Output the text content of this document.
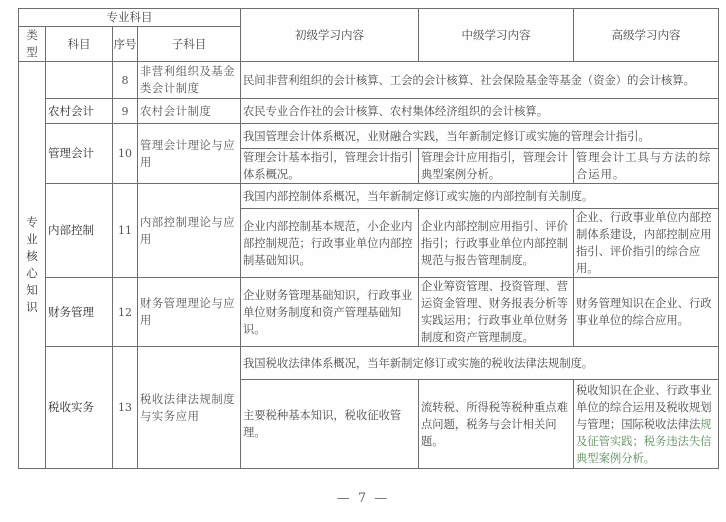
专业科目				初级学习内容	中级学习内容	高级学习内容
类型	科目	序号	子科目			
专业核心知识		8	非营利组织及基金类会计制度	民间非营利组织的会计核算、工会的会计核算、社会保险基金等基金（资金）的会计核算。		
	农村会计	9	农村会计制度	农民专业合作社的会计核算、农村集体经济组织的会计核算。		
	管理会计	10	管理会计理论与应用	我国管理会计体系概况，业财融合实践，当年新制定修订或实施的管理会计指引。		
				管理会计基本指引，管理会计指引体系概况。	管理会计应用指引，管理会计典型案例分析。	管理会计工具与方法的综合运用。
	内部控制	11	内部控制理论与应用	我国内部控制体系概况，当年新制定修订或实施的内部控制有关制度。		
				企业内部控制基本规范，小企业内部控制规范；行政事业单位内部控制基础知识。	企业内部控制应用指引、评价指引；行政事业单位内部控制规范与报告管理制度。	企业、行政事业单位内部控制体系建设，内部控制应用指引、评价指引的综合应用。
	财务管理	12	财务管理理论与应用	企业财务管理基础知识，行政事业单位财务制度和资产管理基础知识。	企业筹资管理、投资管理、营运资金管理、财务报表分析等实践运用；行政事业单位财务制度和资产管理制度。	财务管理知识在企业、行政事业单位的综合应用。
	税收实务	13	税收法律法规制度与实务应用	我国税收法律体系概况，当年新制定修订或实施的税收法律法规制度。		
				主要税种基本知识，税收征收管理。	流转税、所得税等税种重点难点问题，税务与会计相关问题。	税收知识在企业、行政事业单位的综合运用及税收规划与管理；国际税收法律法规及征管实践；税务违法失信典型案例分析。
— 7 —
